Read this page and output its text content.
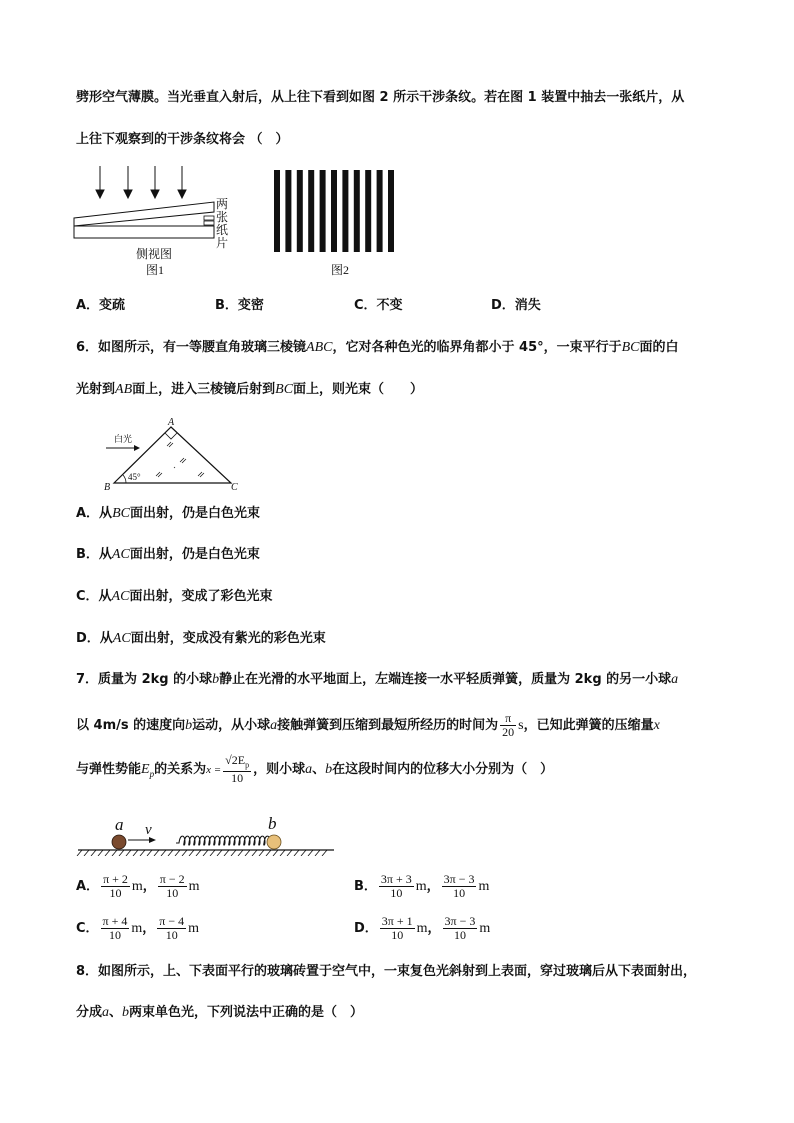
劈形空气薄膜。当光垂直入射后，从上往下看到如图 2 所示干涉条纹。若在图 1 装置中抽去一张纸片，从
上往下观察到的干涉条纹将会 （　）
两
张
纸
片
侧视图
图1	图2
A．变疏	B．变密	C．不变	D．消失
6．如图所示，有一等腰直角玻璃三棱镜ABC，它对各种色光的临界角都小于 45°，一束平行于BC面的白
光射到AB面上，进入三棱镜后射到BC面上，则光束（　　）
A
B	C
白光
45°
A．从BC面出射，仍是白色光束
B．从AC面出射，仍是白色光束
C．从AC面出射，变成了彩色光束
D．从AC面出射，变成没有紫光的彩色光束
7．质量为 2kg 的小球b静止在光滑的水平地面上，左端连接一水平轻质弹簧，质量为 2kg 的另一小球a
以 4m/s 的速度向b运动，从小球a接触弹簧到压缩到最短所经历的时间为 $\frac{\pi}{20}$ s，已知此弹簧的压缩量x
与弹性势能$E_p$的关系为$x = \frac{√2E_p}{10}$ ，则小球a、b在这段时间内的位移大小分别为（　）
a v	b
A． $\frac{\pi + 2}{10}$ m， $\frac{\pi - 2}{10}$ m	B． $\frac{3\pi + 3}{10}$ m， $\frac{3\pi - 3}{10}$ m
C． $\frac{\pi + 4}{10}$ m， $\frac{\pi - 4}{10}$ m	D． $\frac{3\pi + 1}{10}$ m， $\frac{3\pi - 3}{10}$ m
8．如图所示，上、下表面平行的玻璃砖置于空气中，一束复色光斜射到上表面，穿过玻璃后从下表面射出，
分成a、b两束单色光，下列说法中正确的是（　）
